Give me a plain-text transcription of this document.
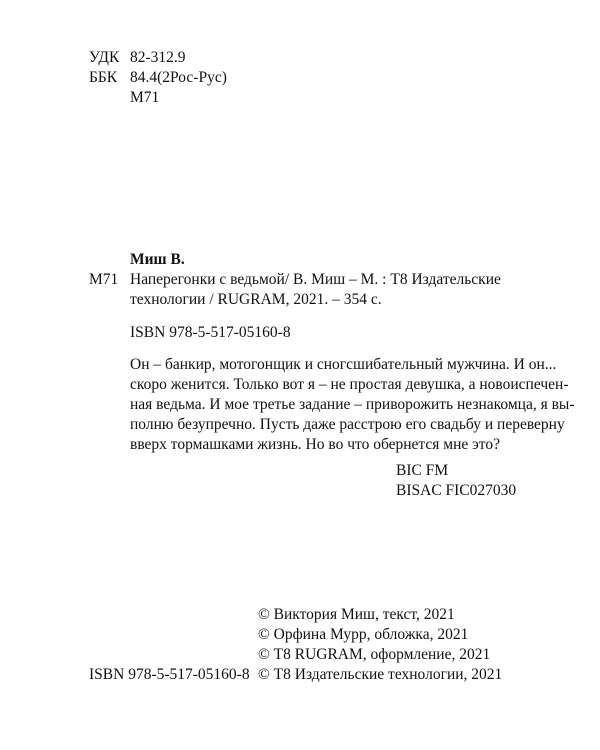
УДК 82-312.9
ББК 84.4(2Рос-Рус)
М71
Миш В.
М71 Наперегонки с ведьмой/ В. Миш – М. : Т8 Издательские
технологии / RUGRAM, 2021. – 354 с.
ISBN 978-5-517-05160-8
Он – банкир, мотогонщик и сногсшибательный мужчина. И он...
скоро женится. Только вот я – не простая девушка, а новоиспечен-
ная ведьма. И мое третье задание – приворожить незнакомца, я вы-
полню безупречно. Пусть даже расстрою его свадьбу и переверну
вверх тормашками жизнь. Но во что обернется мне это?
BIC FM
BISAC FIC027030
ISBN 978-5-517-05160-8
© Виктория Миш, текст, 2021
© Орфина Мурр, обложка, 2021
© Т8 RUGRAM, оформление, 2021
© Т8 Издательские технологии, 2021
